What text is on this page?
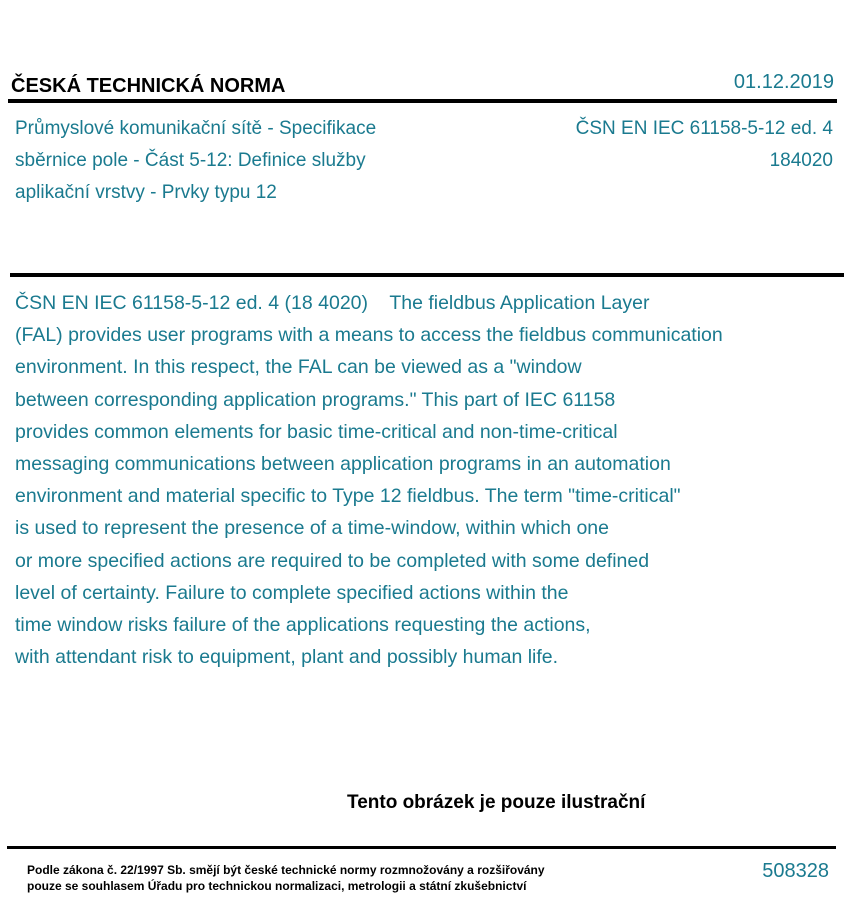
ČESKÁ TECHNICKÁ NORMA	01.12.2019
Průmyslové komunikační sítě - Specifikace
sběrnice pole - Část 5-12: Definice služby
aplikační vrstvy - Prvky typu 12
ČSN EN IEC 61158-5-12 ed. 4
184020
ČSN EN IEC 61158-5-12 ed. 4 (18 4020)    The fieldbus Application Layer
(FAL) provides user programs with a means to access the fieldbus communication
environment. In this respect, the FAL can be viewed as a "window
between corresponding application programs." This part of IEC 61158
provides common elements for basic time-critical and non-time-critical
messaging communications between application programs in an automation
environment and material specific to Type 12 fieldbus. The term "time-critical"
is used to represent the presence of a time-window, within which one
or more specified actions are required to be completed with some defined
level of certainty. Failure to complete specified actions within the
time window risks failure of the applications requesting the actions,
with attendant risk to equipment, plant and possibly human life.
Tento obrázek je pouze ilustrační
Podle zákona č. 22/1997 Sb. smějí být české technické normy rozmnožovány a rozšiřovány
pouze se souhlasem Úřadu pro technickou normalizaci, metrologii a státní zkušebnictví
508328
